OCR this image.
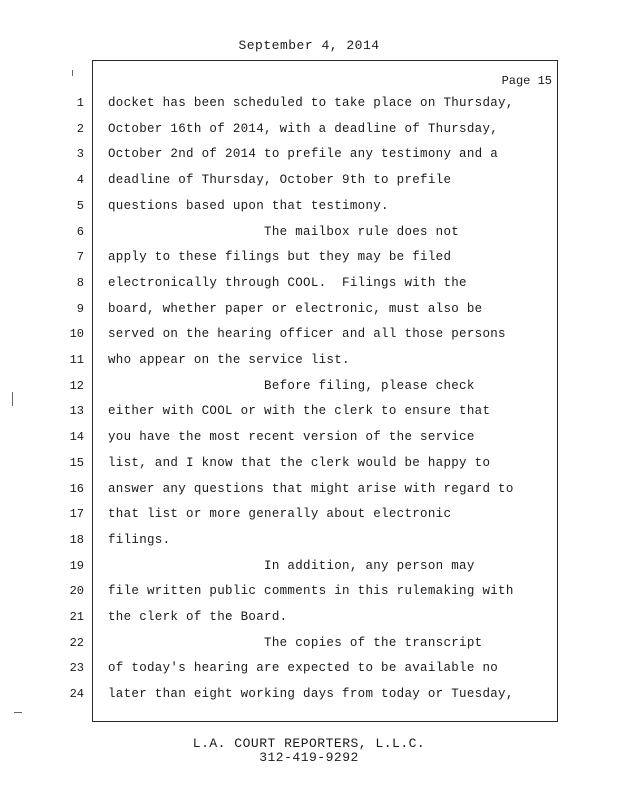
September 4, 2014
Page 15
1 docket has been scheduled to take place on Thursday,
2 October 16th of 2014, with a deadline of Thursday,
3 October 2nd of 2014 to prefile any testimony and a
4 deadline of Thursday, October 9th to prefile
5 questions based upon that testimony.
6 The mailbox rule does not
7 apply to these filings but they may be filed
8 electronically through COOL.  Filings with the
9 board, whether paper or electronic, must also be
10 served on the hearing officer and all those persons
11 who appear on the service list.
12 Before filing, please check
13 either with COOL or with the clerk to ensure that
14 you have the most recent version of the service
15 list, and I know that the clerk would be happy to
16 answer any questions that might arise with regard to
17 that list or more generally about electronic
18 filings.
19 In addition, any person may
20 file written public comments in this rulemaking with
21 the clerk of the Board.
22 The copies of the transcript
23 of today's hearing are expected to be available no
24 later than eight working days from today or Tuesday,
L.A. COURT REPORTERS, L.L.C.
312-419-9292
